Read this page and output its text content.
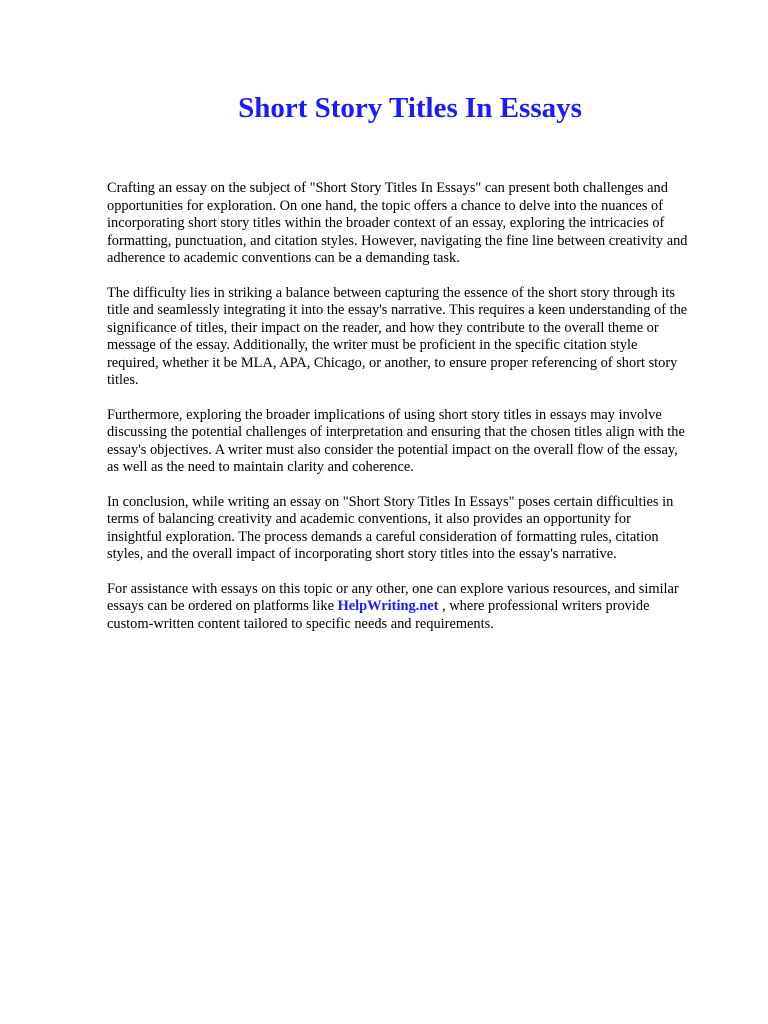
Short Story Titles In Essays

Crafting an essay on the subject of "Short Story Titles In Essays" can present both challenges and
opportunities for exploration. On one hand, the topic offers a chance to delve into the nuances of
incorporating short story titles within the broader context of an essay, exploring the intricacies of
formatting, punctuation, and citation styles. However, navigating the fine line between creativity and
adherence to academic conventions can be a demanding task.

The difficulty lies in striking a balance between capturing the essence of the short story through its
title and seamlessly integrating it into the essay's narrative. This requires a keen understanding of the
significance of titles, their impact on the reader, and how they contribute to the overall theme or
message of the essay. Additionally, the writer must be proficient in the specific citation style
required, whether it be MLA, APA, Chicago, or another, to ensure proper referencing of short story
titles.

Furthermore, exploring the broader implications of using short story titles in essays may involve
discussing the potential challenges of interpretation and ensuring that the chosen titles align with the
essay's objectives. A writer must also consider the potential impact on the overall flow of the essay,
as well as the need to maintain clarity and coherence.

In conclusion, while writing an essay on "Short Story Titles In Essays" poses certain difficulties in
terms of balancing creativity and academic conventions, it also provides an opportunity for
insightful exploration. The process demands a careful consideration of formatting rules, citation
styles, and the overall impact of incorporating short story titles into the essay's narrative.

For assistance with essays on this topic or any other, one can explore various resources, and similar
essays can be ordered on platforms like HelpWriting.net , where professional writers provide
custom-written content tailored to specific needs and requirements.
